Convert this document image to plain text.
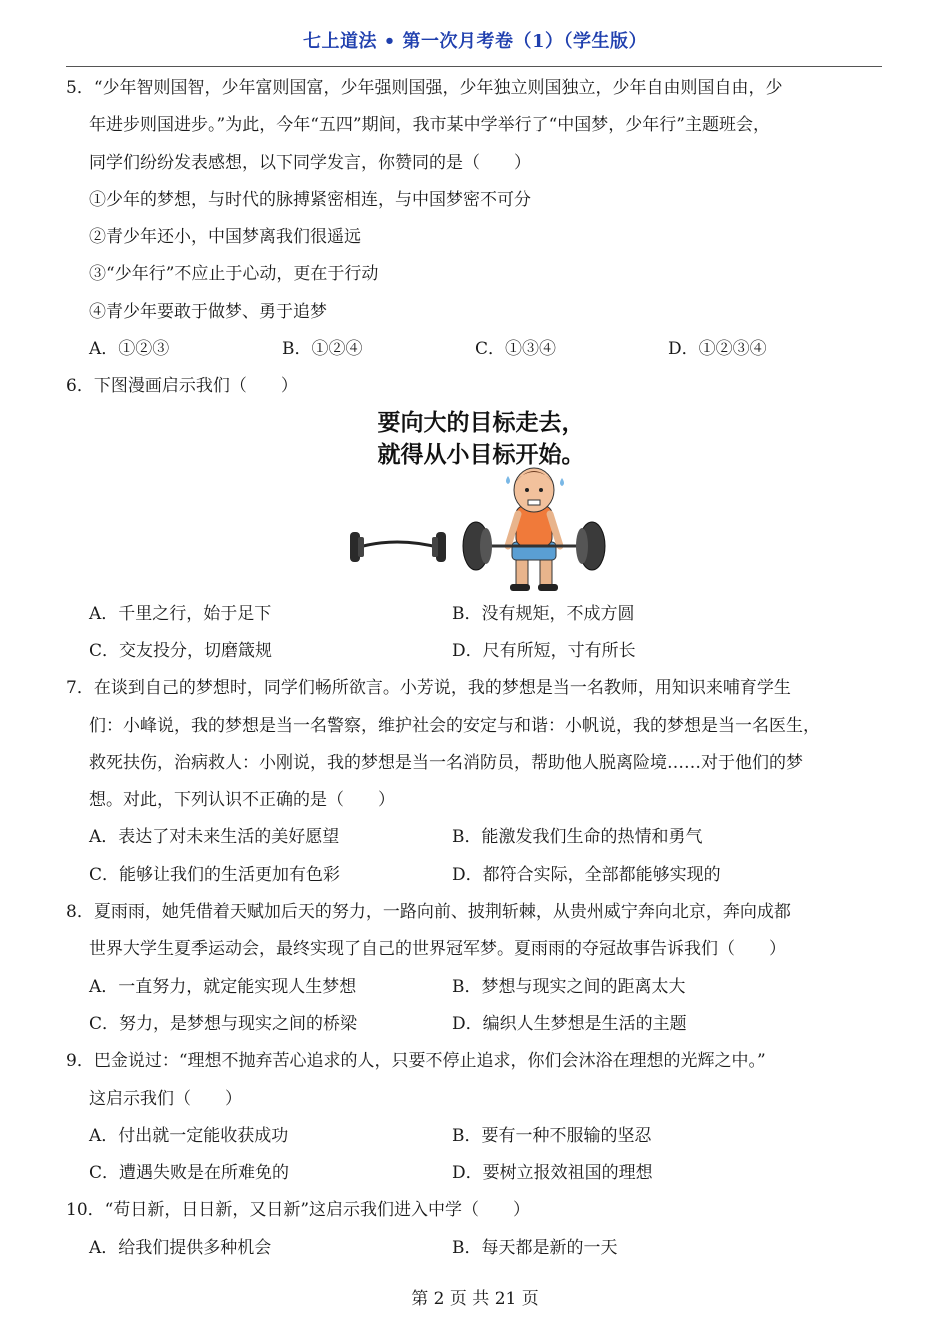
七上道法 • 第一次月考卷（1）（学生版）
5．“少年智则国智，少年富则国富，少年强则国强，少年独立则国独立，少年自由则国自由，少
年进步则国进步。”为此，今年“五四”期间，我市某中学举行了“中国梦，少年行”主题班会，
同学们纷纷发表感想，以下同学发言，你赞同的是（　　）
①少年的梦想，与时代的脉搏紧密相连，与中国梦密不可分
②青少年还小，中国梦离我们很遥远
③“少年行”不应止于心动，更在于行动
④青少年要敢于做梦、勇于追梦
A．①②③	B．①②④	C．①③④	D．①②③④
6．下图漫画启示我们（　　）
要向大的目标走去，
就得从小目标开始。
A．千里之行，始于足下	B．没有规矩，不成方圆
C．交友投分，切磨箴规	D．尺有所短，寸有所长
7．在谈到自己的梦想时，同学们畅所欲言。小芳说，我的梦想是当一名教师，用知识来哺育学生
们：小峰说，我的梦想是当一名警察，维护社会的安定与和谐：小帆说，我的梦想是当一名医生，
救死扶伤，治病救人：小刚说，我的梦想是当一名消防员，帮助他人脱离险境……对于他们的梦
想。对此，下列认识不正确的是（　　）
A．表达了对未来生活的美好愿望	B．能激发我们生命的热情和勇气
C．能够让我们的生活更加有色彩	D．都符合实际，全部都能够实现的
8．夏雨雨，她凭借着天赋加后天的努力，一路向前、披荆斩棘，从贵州威宁奔向北京，奔向成都
世界大学生夏季运动会，最终实现了自己的世界冠军梦。夏雨雨的夺冠故事告诉我们（　　）
A．一直努力，就定能实现人生梦想	B．梦想与现实之间的距离太大
C．努力，是梦想与现实之间的桥梁	D．编织人生梦想是生活的主题
9．巴金说过：“理想不抛弃苦心追求的人，只要不停止追求，你们会沐浴在理想的光辉之中。”
这启示我们（　　）
A．付出就一定能收获成功	B．要有一种不服输的坚忍
C．遭遇失败是在所难免的	D．要树立报效祖国的理想
10．“苟日新，日日新，又日新”这启示我们进入中学（　　）
A．给我们提供多种机会	B．每天都是新的一天
第 2 页 共 21 页
